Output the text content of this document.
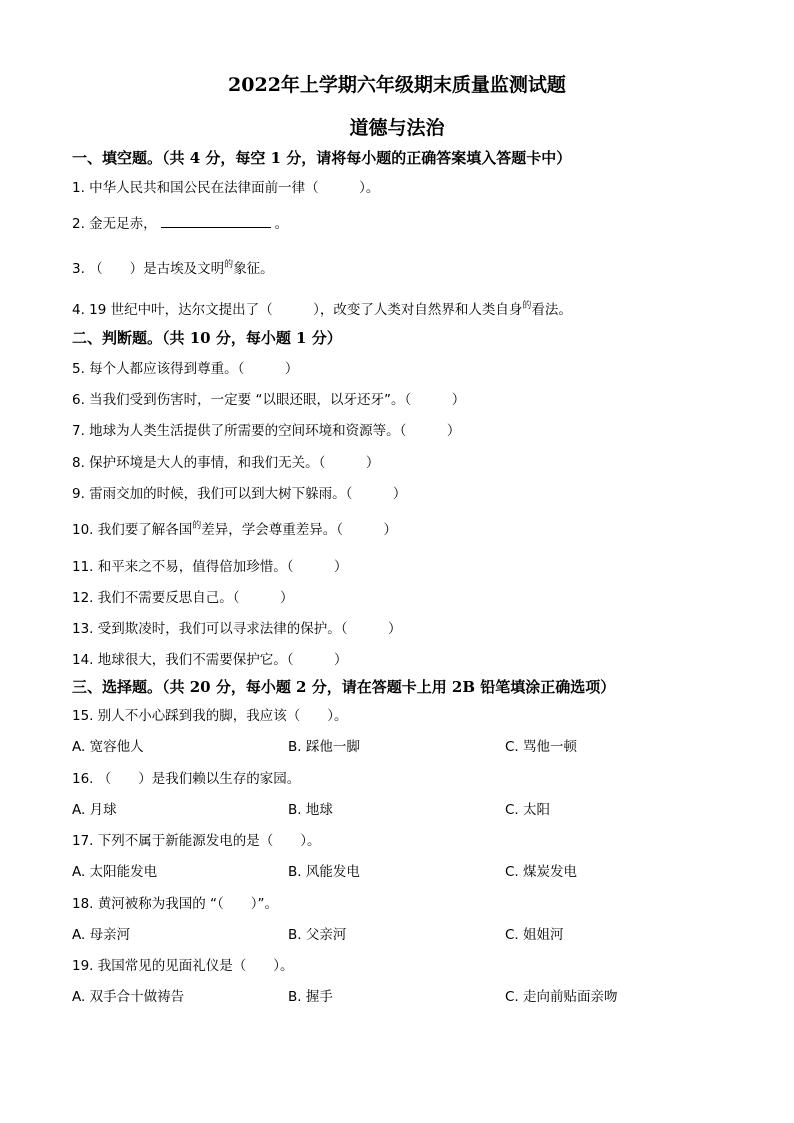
2022年上学期六年级期末质量监测试题
道德与法治
一、填空题。（共 4 分，每空 1 分，请将每小题的正确答案填入答题卡中）
1. 中华人民共和国公民在法律面前一律（　　　）。
2. 金无足赤，	。
3. （　　）是古埃及文明$^的$象征。
4. 19 世纪中叶，达尔文提出了（　　　），改变了人类对自然界和人类自身$^的$看法。
二、判断题。（共 10 分，每小题 1 分）
5. 每个人都应该得到尊重。（　　　）
6. 当我们受到伤害时，一定要 “以眼还眼，以牙还牙”。（　　　）
7. 地球为人类生活提供了所需要的空间环境和资源等。（　　　）
8. 保护环境是大人的事情，和我们无关。（　　　）
9. 雷雨交加的时候，我们可以到大树下躲雨。（　　　）
10. 我们要了解各国$^的$差异，学会尊重差异。（　　　）
11. 和平来之不易，值得倍加珍惜。（　　　）
12. 我们不需要反思自己。（　　　）
13. 受到欺凌时，我们可以寻求法律的保护。（　　　）
14. 地球很大，我们不需要保护它。（　　　）
三、选择题。（共 20 分，每小题 2 分，请在答题卡上用 2B 铅笔填涂正确选项）
15. 别人不小心踩到我的脚，我应该（　　）。
A. 宽容他人	B. 踩他一脚	C. 骂他一顿
16. （　　）是我们赖以生存的家园。
A. 月球	B. 地球	C. 太阳
17. 下列不属于新能源发电的是（　　）。
A. 太阳能发电	B. 风能发电	C. 煤炭发电
18. 黄河被称为我国的 “（　　）”。
A. 母亲河	B. 父亲河	C. 姐姐河
19. 我国常见的见面礼仪是（　　）。
A. 双手合十做祷告	B. 握手	C. 走向前贴面亲吻
